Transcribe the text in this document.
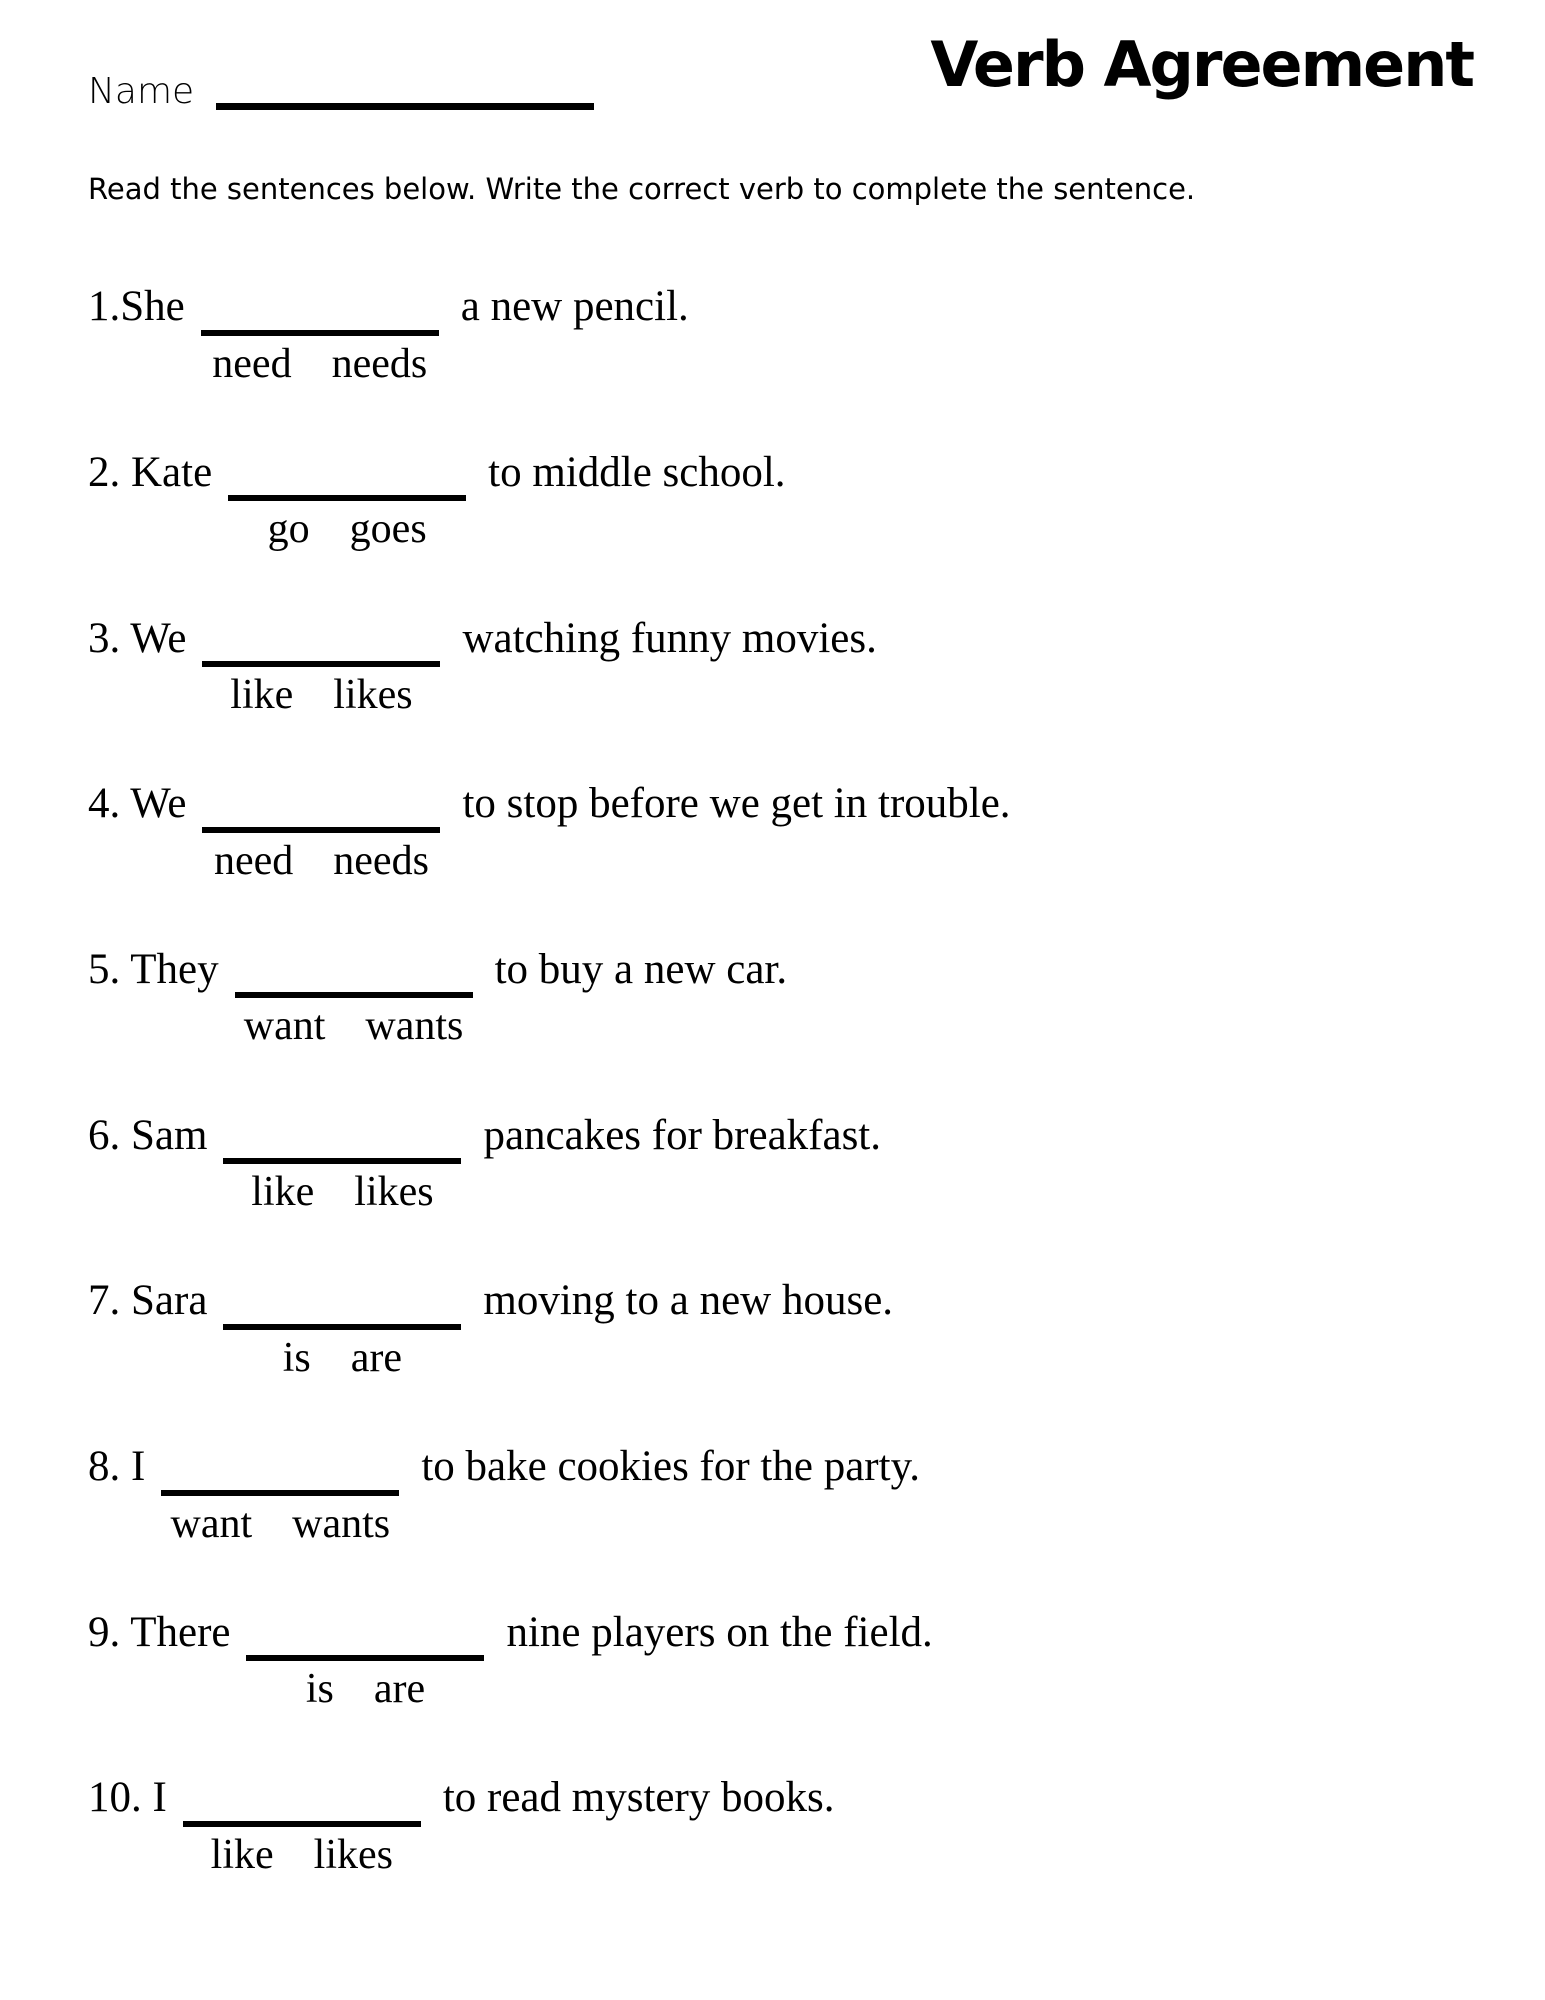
Name	Verb Agreement
Read the sentences below. Write the correct verb to complete the sentence.
1.She	a new pencil.
need needs
2. Kate	to middle school.
go goes
3. We	watching funny movies.
like likes
4. We	to stop before we get in trouble.
need needs
5. They	to buy a new car.
want wants
6. Sam	pancakes for breakfast.
like likes
7. Sara	moving to a new house.
is are
8. I	to bake cookies for the party.
want wants
9. There	nine players on the field.
is are
10. I	to read mystery books.
like likes
